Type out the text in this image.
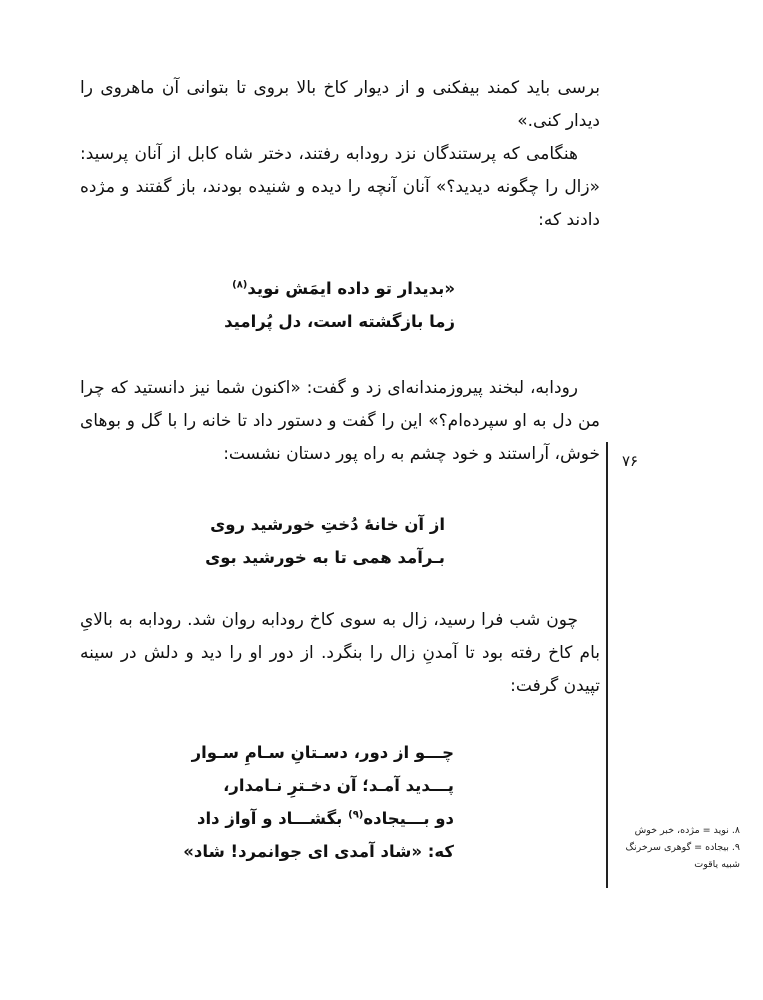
برسی باید کمند بیفکنی و از دیوار کاخ بالا بروی تا بتوانی آن ماهروی را دیدار کنی.»

هنگامی که پرستندگان نزد رودابه رفتند، دختر شاه کابل از آنان پرسید: «زال را چگونه دیدید؟» آنان آنچه را دیده و شنیده بودند، باز گفتند و مژده دادند که:

«بدیدار تو داده ایمَش نوید$^{(۸)}$
زما بازگشته است، دل پُرامید

رودابه، لبخند پیروزمندانه‌ای زد و گفت: «اکنون شما نیز دانستید که چرا من دل به او سپرده‌ام؟» این را گفت و دستور داد تا خانه را با گل و بوهای خوش، آراستند و خود چشم به راه پور دستان نشست:

از آن خانهٔ دُختِ خورشید روی
بـرآمد همی تا به خورشید بوی

چون شب فرا رسید، زال به سوی کاخ رودابه روان شد. رودابه به بالایِ بام کاخ رفته بود تا آمدنِ زال را بنگرد. از دور او را دید و دلش در سینه تپیدن گرفت:

چـــو از دور، دسـتانِ سـامِ سـوار
پـــدید آمـد؛ آن دخـترِ نـامدار،
دو بـــیجاده$^{(۹)}$ بگشـــاد و آواز داد
که: «شاد آمدی ای جوانمرد! شاد»
۷۶
۸. نوید = مژده، خبر خوش
۹. بیجاده = گوهری سرخرنگ شبیه یاقوت
